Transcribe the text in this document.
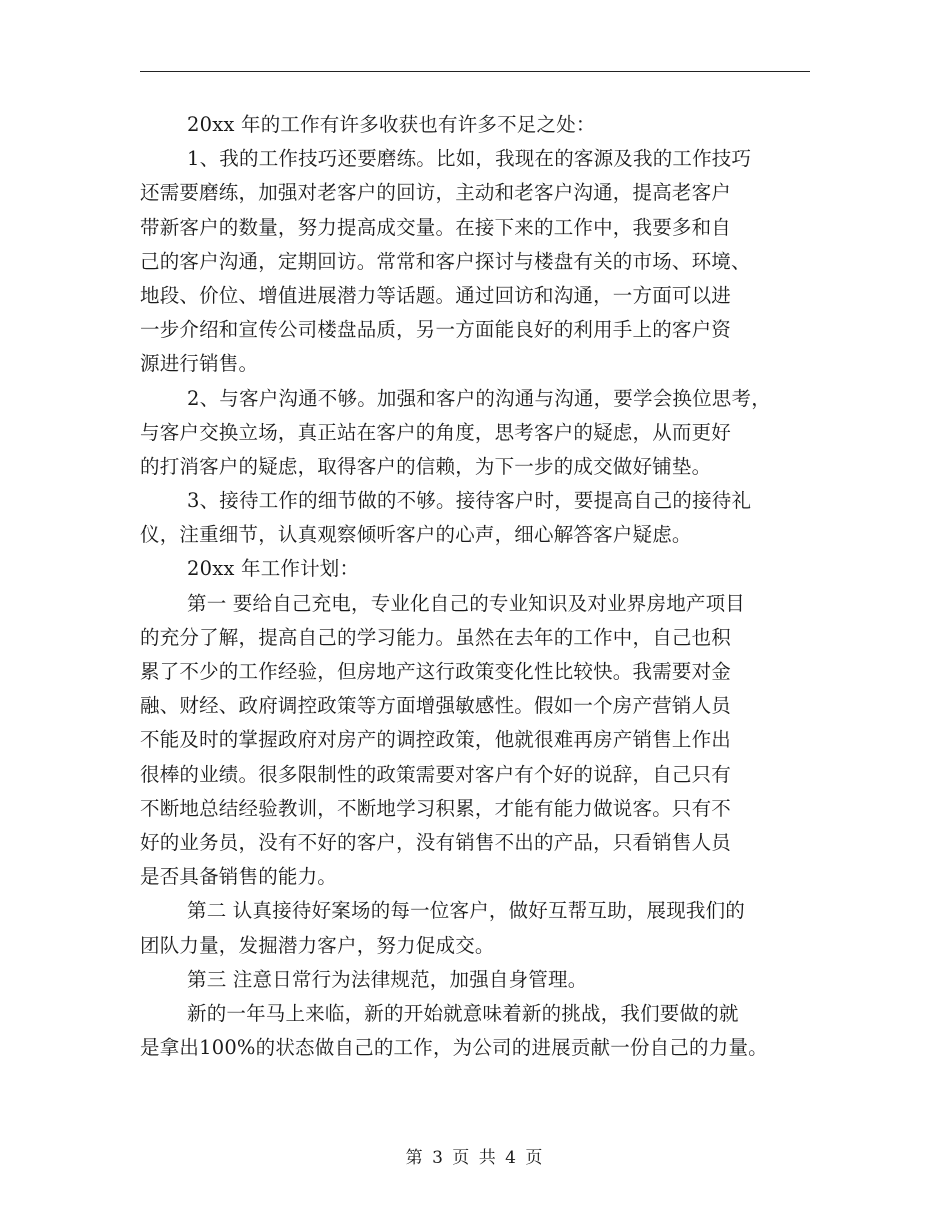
20xx 年的工作有许多收获也有许多不足之处：
1、我的工作技巧还要磨练。比如，我现在的客源及我的工作技巧
还需要磨练，加强对老客户的回访，主动和老客户沟通，提高老客户
带新客户的数量，努力提高成交量。在接下来的工作中，我要多和自
己的客户沟通，定期回访。常常和客户探讨与楼盘有关的市场、环境、
地段、价位、增值进展潜力等话题。通过回访和沟通，一方面可以进
一步介绍和宣传公司楼盘品质，另一方面能良好的利用手上的客户资
源进行销售。
2、与客户沟通不够。加强和客户的沟通与沟通，要学会换位思考，
与客户交换立场，真正站在客户的角度，思考客户的疑虑，从而更好
的打消客户的疑虑，取得客户的信赖，为下一步的成交做好铺垫。
3、接待工作的细节做的不够。接待客户时，要提高自己的接待礼
仪，注重细节，认真观察倾听客户的心声，细心解答客户疑虑。
20xx 年工作计划：
第一 要给自己充电，专业化自己的专业知识及对业界房地产项目
的充分了解，提高自己的学习能力。虽然在去年的工作中，自己也积
累了不少的工作经验，但房地产这行政策变化性比较快。我需要对金
融、财经、政府调控政策等方面增强敏感性。假如一个房产营销人员
不能及时的掌握政府对房产的调控政策，他就很难再房产销售上作出
很棒的业绩。很多限制性的政策需要对客户有个好的说辞，自己只有
不断地总结经验教训，不断地学习积累，才能有能力做说客。只有不
好的业务员，没有不好的客户，没有销售不出的产品，只看销售人员
是否具备销售的能力。
第二 认真接待好案场的每一位客户，做好互帮互助，展现我们的
团队力量，发掘潜力客户，努力促成交。
第三 注意日常行为法律规范，加强自身管理。
新的一年马上来临，新的开始就意味着新的挑战，我们要做的就
是拿出100%的状态做自己的工作，为公司的进展贡献一份自己的力量。
第 3 页 共 4 页
